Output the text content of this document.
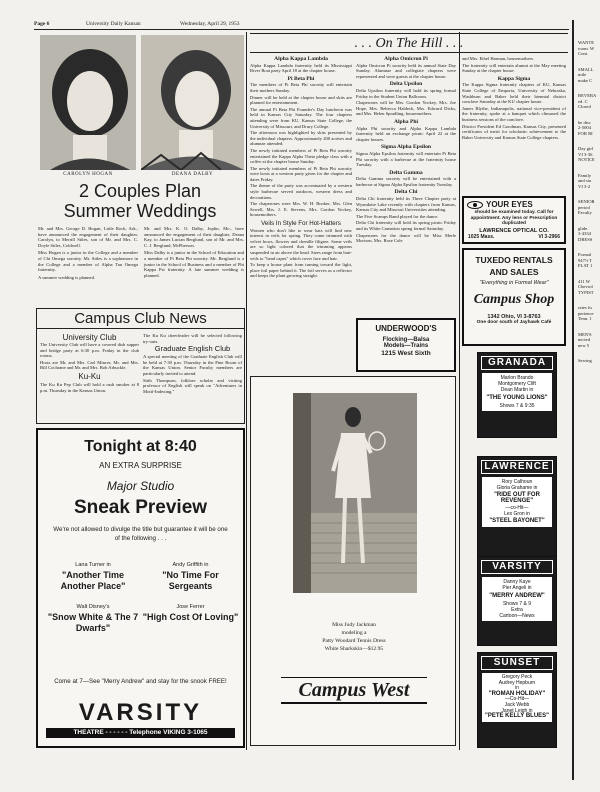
Page 6	University Daily Kansan	Wednesday, April 29, 1953
CAROLYN HOGAN	DEANA DALBY
2 Couples Plan
Summer Weddings

Mr. and Mrs. George D. Hogan, Little Rock, Ark., have announced the engagement of their daughter, Carolyn, to Merrill Stiles, son of Mr. and Mrs. C. Doyle Stiles, Coldwell.

Miss Hogan is a junior in the College and a member of Chi Omega sorority. Mr. Stiles is a sophomore in the College and a member of Alpha Tau Omega fraternity.

A summer wedding is planned.

Mr. and Mrs. K. O. Dalby, Joplin, Mo., have announced the engagement of their daughter, Deana Kay, to James Lucian Berglund, son of Mr. and Mrs. C. J. Berglund, McPherson.

Miss Dalby is a junior in the School of Education and a member of Pi Beta Phi sorority. Mr. Berglund is a junior in the School of Business and a member of Phi Kappa Psi fraternity. A late summer wedding is planned.

Campus Club News
University Club

The University Club will have a covered dish supper and bridge party at 6:30 p.m. Friday in the club rooms.

Hosts are Mr. and Mrs. Carl Mincer, Mr. and Mrs. Bill Cochrane and Mr. and Mrs. Bob Arbuckle.

Ku-Ku

The Ku Ku Pep Club will hold a rush smoker at 8 p.m. Thursday in the Kansas Union.

The Ku Ku cheerleader will be selected following try-outs.

Graduate English Club

A special meeting of the Graduate English Club will be held at 7:30 p.m. Thursday in the Pine Room of the Kansas Union. Senior Faculty members are particularly invited to attend.

Stith Thompson, folklore scholar and visiting professor of English will speak on "Adventures in Motif-Indexing."

Tonight at 8:40
AN EXTRA SURPRISE
Major Studio
Sneak Preview
We're not allowed to divulge the title but guarantee it will be one of the following . . .
Lana Turner in
"Another Time Another Place"
Andy Griffith in
"No Time For Sergeants
Walt Disney's
"Snow White & The 7 Dwarfs"
Jose Ferrer
"High Cost Of Loving"
Come at 7—See "Merry Andrew" and stay for the snook FREE!
VARSITY
THEATRE - - - - - - Telephone VIKING 3-1065
. . . On The Hill . . .
Alpha Kappa Lambda

Alpha Kappa Lambda fraternity held its Mississippi River Boat party April 18 at the chapter house.

Pi Beta Phi

The members of Pi Beta Phi sorority will entertain their mothers Sunday.

Dinner will be held at the chapter house and skits are planned for entertainment.

The annual Pi Beta Phi Founder's Day luncheon was held in Kansas City Saturday. The four chapters attending were from KU, Kansas State College, the University of Missouri, and Drury College.

The afternoon was highlighted by skits presented by the individual chapters. Approximately 200 actives and alumnae attended.

The newly initiated members of Pi Beta Phi sorority entertained the Kappa Alpha Theta pledge class with a coffee at the chapter house Sunday.

The newly initiated members of Pi Beta Phi sorority were hosts at a western party given for the chapter and dates Friday.

The theme of the party was accentuated by a western style barbecue served outdoors, western dress and decorations.

The chaperones were Mrs. W. H. Booker, Mrs. Glen Sewell, Mrs. J. E. Stevens, Mrs. Gordon Yockey, housemothers.

Veils In Style For Hot-Hatters

Women who don't like to wear hats will find new interest in veils for spring. They come trimmed with velvet bows, flowers and chenille filigree. Some veils are so light colored that the trimming appears suspended in air above the head. Sizes range from hair-veils to "head capes" which cover face and hair.

To keep a house plant from turning toward the light, place foil paper behind it. The foil serves as a reflector and keeps the plant growing straight.

Alpha Omicron Pi

Alpha Omicron Pi sorority held its annual State Day Sunday. Alumnae and collegiate chapters were represented and were guests at the chapter house.

Delta Upsilon

Delta Upsilon fraternity will hold its spring formal Friday in the Student Union Ballroom.

Chaperones will be Mrs. Gordon Yockey, Mrs. Joe Hope, Mrs. Rebecca Haldeck, Mrs. Edward Dicks, and Mrs. Helen Spradling, housemothers.

Alpha Phi

Alpha Phi sorority and Alpha Kappa Lambda fraternity held an exchange picnic April 22 at the chapter houses.

Sigma Alpha Epsilon

Sigma Alpha Epsilon fraternity will entertain Pi Beta Phi sorority with a barbecue at the fraternity house Tuesday.

Delta Gamma

Delta Gamma sorority will be entertained with a barbecue at Sigma Alpha Epsilon fraternity Tuesday.

Delta Chi

Delta Chi fraternity held its Three Chapter party at Wyandotte Lake recently with chapters from Kansas, Kansas City and Missouri Universities attending.

The Five Scamps Band played for the dance.

Delta Chi fraternity will hold its spring picnic Friday and its White Carnation spring formal Saturday.

Chaperones for the dance will be Miss Merle Morison, Mrs. Rose Cole

and Mrs. Ethel Harman, housemothers.

The fraternity will entertain alumni at the May meeting Sunday at the chapter house.

Kappa Sigma

The Kappa Sigma fraternity chapters of KU, Kansas State College of Emporia, University of Nebraska, Washburn and Baker held their biennial district conclave Saturday at the KU chapter house.

James Blythe, Indianapolis, national vice-president of the fraternity, spoke at a banquet which climaxed the business sessions of the conclave.

District President Ed Goodman, Kansas City, presented certificates of merit for scholastic achievement to the Baker University and Kansas State College chapters.

UNDERWOOD'S
Flocking—Balsa
Models—Trains
1215 West Sixth
Miss Judy Jackman
modeling a
Patty Woodard Tennis Dress
White Sharkskin—$12.95
Campus West
YOUR EYES
should be examined today. Call for appointment. Any lens or Prescription duplicated
LAWRENCE OPTICAL CO.
1025 Mass.	VI 3-2966
TUXEDO RENTALS
AND SALES
"Everything in Formal Wear"
Campus Shop
1342 Ohio, VI 3-8763
One door south of Jayhawk Café
GRANADA
Marlon Brando
Montgomery Clift
Dean Martin in
"THE YOUNG LIONS"
Shows 7 & 9:35
LAWRENCE
Rory Calhoun
Gloria Grahame in
"RIDE OUT FOR REVENGE"
—co-Hit—
Lex Gron in
"STEEL BAYONET"
VARSITY
Danny Kaye
Pier Angeli in
"MERRY ANDREW"
Shows 7 & 9
Extra
Cartoon—News
SUNSET
Gregory Peck
Audrey Hepburn
in
"ROMAN HOLIDAY"
—Co-Hit—
Jack Webb
Janet Leigh in
"PETE KELLY BLUES"
WANTE
room. W
Cont.
SMALL
mile
make C
BEVERA
ed. C
Closed
be disc
2-5004
FOR BI
Day girl
VI 3-36
NOTICE
Family
and stu
VI 3-2
SENIOR
period
Faculty
glide.
3-4334
DRESS
Formal
947½ T
FLAT 1
411 W
Chevrol
TYPIST
rates fu
perience
Tenn. 1
MEN'S
nected
new 5
Sewing
